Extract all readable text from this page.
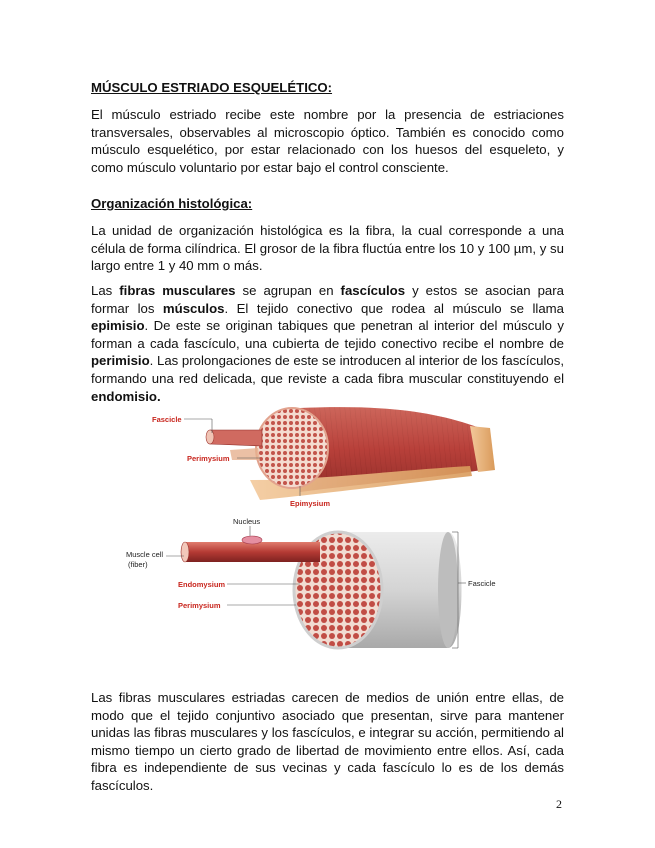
MÚSCULO ESTRIADO ESQUELÉTICO:
El músculo estriado recibe este nombre por la presencia de estriaciones transversales, observables al microscopio óptico. También es conocido como músculo esquelético, por estar relacionado con los huesos del esqueleto, y como músculo voluntario por estar bajo el control consciente.
Organización histológica:
La unidad de organización histológica es la fibra, la cual corresponde a una célula de forma cilíndrica. El grosor de la fibra fluctúa entre los 10 y 100 µm, y su largo entre 1 y 40 mm o más.
Las fibras musculares se agrupan en fascículos y estos se asocian para formar los músculos. El tejido conectivo que rodea al músculo se llama epimisio. De este se originan tabiques que penetran al interior del músculo y forman a cada fascículo, una cubierta de tejido conectivo recibe el nombre de perimisio. Las prolongaciones de este se introducen al interior de los fascículos, formando una red delicada, que reviste a cada fibra muscular constituyendo el endomisio.
Fascicle
Perimysium
Epimysium
Nucleus
Muscle cell
(fiber)
Endomysium
Perimysium
Fascicle
Las fibras musculares estriadas carecen de medios de unión entre ellas, de modo que el tejido conjuntivo asociado que presentan, sirve para mantener unidas las fibras musculares y los fascículos, e integrar su acción, permitiendo al mismo tiempo un cierto grado de libertad de movimiento entre ellos. Así, cada fibra es independiente de sus vecinas y cada fascículo lo es de los demás fascículos.
2
